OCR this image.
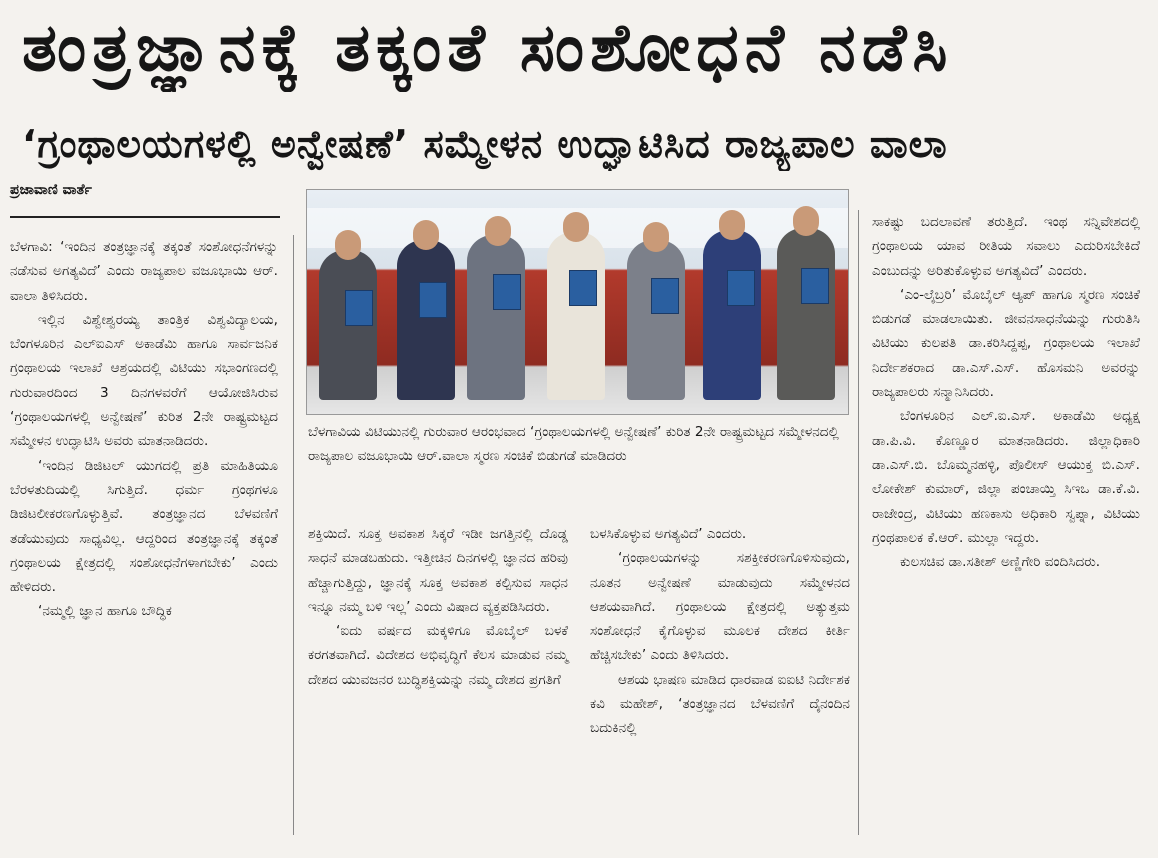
ತಂತ್ರಜ್ಞಾನಕ್ಕೆ ತಕ್ಕಂತೆ ಸಂಶೋಧನೆ ನಡೆಸಿ
‘ಗ್ರಂಥಾಲಯಗಳಲ್ಲಿ ಅನ್ವೇಷಣೆ’ ಸಮ್ಮೇಳನ ಉದ್ಘಾಟಿಸಿದ ರಾಜ್ಯಪಾಲ ವಾಲಾ
ಪ್ರಜಾವಾಣಿ ವಾರ್ತೆ

ಬೆಳಗಾವಿ: ‘ಇಂದಿನ ತಂತ್ರಜ್ಞಾನಕ್ಕೆ ತಕ್ಕಂತೆ ಸಂಶೋಧನೆಗಳನ್ನು ನಡೆಸುವ ಅಗತ್ಯವಿದೆ’ ಎಂದು ರಾಜ್ಯಪಾಲ ವಜೂಭಾಯಿ ಆರ್. ವಾಲಾ ತಿಳಿಸಿದರು.

ಇಲ್ಲಿನ ವಿಶ್ವೇಶ್ವರಯ್ಯ ತಾಂತ್ರಿಕ ವಿಶ್ವವಿದ್ಯಾಲಯ, ಬೆಂಗಳೂರಿನ ಎಲ್‌ಐಎಸ್ ಅಕಾಡೆಮಿ ಹಾಗೂ ಸಾರ್ವಜನಿಕ ಗ್ರಂಥಾಲಯ ಇಲಾಖೆ ಆಶ್ರಯದಲ್ಲಿ ವಿಟಿಯು ಸಭಾಂಗಣದಲ್ಲಿ ಗುರುವಾರದಿಂದ 3 ದಿನಗಳವರೆಗೆ ಆಯೋಜಿಸಿರುವ ‘ಗ್ರಂಥಾಲಯಗಳಲ್ಲಿ ಅನ್ವೇಷಣೆ’ ಕುರಿತ 2ನೇ ರಾಷ್ಟ್ರಮಟ್ಟದ ಸಮ್ಮೇಳನ ಉದ್ಘಾಟಿಸಿ ಅವರು ಮಾತನಾಡಿದರು.

‘ಇಂದಿನ ಡಿಜಿಟಲ್ ಯುಗದಲ್ಲಿ ಪ್ರತಿ ಮಾಹಿತಿಯೂ ಬೆರಳತುದಿಯಲ್ಲಿ ಸಿಗುತ್ತಿದೆ. ಧರ್ಮ ಗ್ರಂಥಗಳೂ ಡಿಜಿಟಲೀಕರಣಗೊಳ್ಳುತ್ತಿವೆ. ತಂತ್ರಜ್ಞಾನದ ಬೆಳವಣಿಗೆ ತಡೆಯುವುದು ಸಾಧ್ಯವಿಲ್ಲ. ಆದ್ದರಿಂದ ತಂತ್ರಜ್ಞಾನಕ್ಕೆ ತಕ್ಕಂತೆ ಗ್ರಂಥಾಲಯ ಕ್ಷೇತ್ರದಲ್ಲಿ ಸಂಶೋಧನೆಗಳಾಗಬೇಕು’ ಎಂದು ಹೇಳಿದರು.

‘ನಮ್ಮಲ್ಲಿ ಜ್ಞಾನ ಹಾಗೂ ಬೌದ್ಧಿಕ

ಬೆಳಗಾವಿಯ ವಿಟಿಯುನಲ್ಲಿ ಗುರುವಾರ ಆರಂಭವಾದ ‘ಗ್ರಂಥಾಲಯಗಳಲ್ಲಿ ಅನ್ವೇಷಣೆ’ ಕುರಿತ 2ನೇ ರಾಷ್ಟ್ರಮಟ್ಟದ ಸಮ್ಮೇಳನದಲ್ಲಿ ರಾಜ್ಯಪಾಲ ವಜೂಭಾಯಿ ಆರ್.ವಾಲಾ ಸ್ಮರಣ ಸಂಚಿಕೆ ಬಿಡುಗಡೆ ಮಾಡಿದರು

ಶಕ್ತಿಯಿದೆ. ಸೂಕ್ತ ಅವಕಾಶ ಸಿಕ್ಕರೆ ಇಡೀ ಜಗತ್ತಿನಲ್ಲಿ ದೊಡ್ಡ ಸಾಧನೆ ಮಾಡಬಹುದು. ಇತ್ತೀಚಿನ ದಿನಗಳಲ್ಲಿ ಜ್ಞಾನದ ಹರಿವು ಹೆಚ್ಚಾಗುತ್ತಿದ್ದು, ಜ್ಞಾನಕ್ಕೆ ಸೂಕ್ತ ಅವಕಾಶ ಕಲ್ಪಿಸುವ ಸಾಧನ ಇನ್ನೂ ನಮ್ಮ ಬಳಿ ಇಲ್ಲ’ ಎಂದು ವಿಷಾದ ವ್ಯಕ್ತಪಡಿಸಿದರು.

‘ಐದು ವರ್ಷದ ಮಕ್ಕಳಿಗೂ ಮೊಬೈಲ್ ಬಳಕೆ ಕರಗತವಾಗಿದೆ. ವಿದೇಶದ ಅಭಿವೃದ್ಧಿಗೆ ಕೆಲಸ ಮಾಡುವ ನಮ್ಮ ದೇಶದ ಯುವಜನರ ಬುದ್ಧಿಶಕ್ತಿಯನ್ನು ನಮ್ಮ ದೇಶದ ಪ್ರಗತಿಗೆ

ಬಳಸಿಕೊಳ್ಳುವ ಅಗತ್ಯವಿದೆ’ ಎಂದರು.

‘ಗ್ರಂಥಾಲಯಗಳನ್ನು ಸಶಕ್ತೀಕರಣಗೊಳಿಸುವುದು, ನೂತನ ಅನ್ವೇಷಣೆ ಮಾಡುವುದು ಸಮ್ಮೇಳನದ ಆಶಯವಾಗಿದೆ. ಗ್ರಂಥಾಲಯ ಕ್ಷೇತ್ರದಲ್ಲಿ ಅತ್ಯುತ್ತಮ ಸಂಶೋಧನೆ ಕೈಗೊಳ್ಳುವ ಮೂಲಕ ದೇಶದ ಕೀರ್ತಿ ಹೆಚ್ಚಿಸಬೇಕು’ ಎಂದು ತಿಳಿಸಿದರು.

ಆಶಯ ಭಾಷಣ ಮಾಡಿದ ಧಾರವಾಡ ಐಐಟಿ ನಿರ್ದೇಶಕ ಕವಿ ಮಹೇಶ್, ‘ತಂತ್ರಜ್ಞಾನದ ಬೆಳವಣಿಗೆ ದೈನಂದಿನ ಬದುಕಿನಲ್ಲಿ

ಸಾಕಷ್ಟು ಬದಲಾವಣೆ ತರುತ್ತಿದೆ. ಇಂಥ ಸನ್ನಿವೇಶದಲ್ಲಿ ಗ್ರಂಥಾಲಯ ಯಾವ ರೀತಿಯ ಸವಾಲು ಎದುರಿಸಬೇಕಿದೆ ಎಂಬುದನ್ನು ಅರಿತುಕೊಳ್ಳುವ ಅಗತ್ಯವಿದೆ’ ಎಂದರು.

‘ಎಂ-ಲೈಬ್ರರಿ’ ಮೊಬೈಲ್ ಆ್ಯಪ್ ಹಾಗೂ ಸ್ಮರಣ ಸಂಚಿಕೆ ಬಿಡುಗಡೆ ಮಾಡಲಾಯಿತು. ಜೀವನಸಾಧನೆಯನ್ನು ಗುರುತಿಸಿ ವಿಟಿಯು ಕುಲಪತಿ ಡಾ.ಕರಿಸಿದ್ದಪ್ಪ, ಗ್ರಂಥಾಲಯ ಇಲಾಖೆ ನಿರ್ದೇಶಕರಾದ ಡಾ.ಎಸ್.ಎಸ್. ಹೊಸಮನಿ ಅವರನ್ನು ರಾಜ್ಯಪಾಲರು ಸನ್ಮಾನಿಸಿದರು.

ಬೆಂಗಳೂರಿನ ಎಲ್.ಐ.ಎಸ್. ಅಕಾಡೆಮಿ ಅಧ್ಯಕ್ಷ ಡಾ.ಪಿ.ವಿ. ಕೊಣ್ಣೂರ ಮಾತನಾಡಿದರು. ಜಿಲ್ಲಾಧಿಕಾರಿ ಡಾ.ಎಸ್.ಬಿ. ಬೊಮ್ಮನಹಳ್ಳಿ, ಪೊಲೀಸ್ ಆಯುಕ್ತ ಬಿ.ಎಸ್. ಲೋಕೇಶ್ ಕುಮಾರ್, ಜಿಲ್ಲಾ ಪಂಚಾಯ್ತಿ ಸಿಇಒ ಡಾ.ಕೆ.ವಿ. ರಾಜೇಂದ್ರ, ವಿಟಿಯು ಹಣಕಾಸು ಅಧಿಕಾರಿ ಸ್ವಪ್ನಾ, ವಿಟಿಯು ಗ್ರಂಥಪಾಲಕ ಕೆ.ಆರ್. ಮುಲ್ಲಾ ಇದ್ದರು.

ಕುಲಸಚಿವ ಡಾ.ಸತೀಶ್ ಅಣ್ಣಿಗೇರಿ ವಂದಿಸಿದರು.
